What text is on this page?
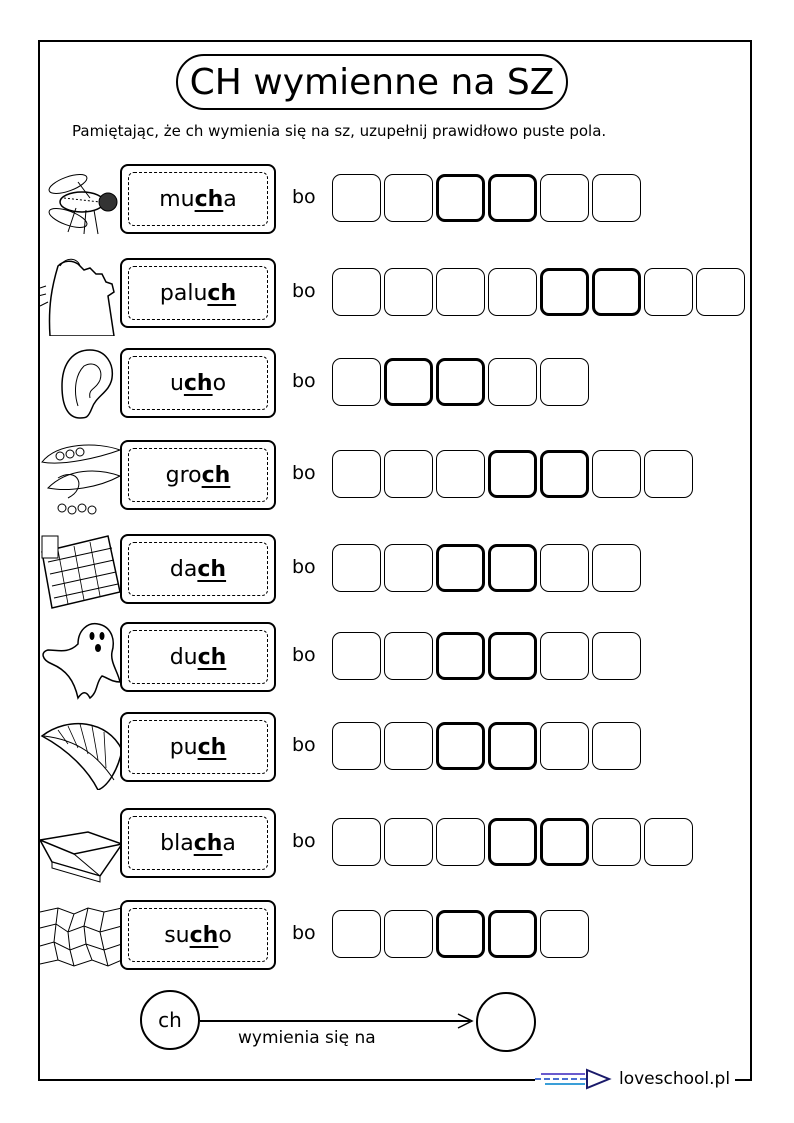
CH wymienne na SZ
Pamiętając, że ch wymienia się na sz, uzupełnij prawidłowo puste pola.
mu ch a	bo
palu ch	bo
u ch o	bo
gro ch	bo
da ch	bo
du ch	bo
pu ch	bo
bla ch a	bo
su ch o	bo
ch
wymienia się na
loveschool.pl
